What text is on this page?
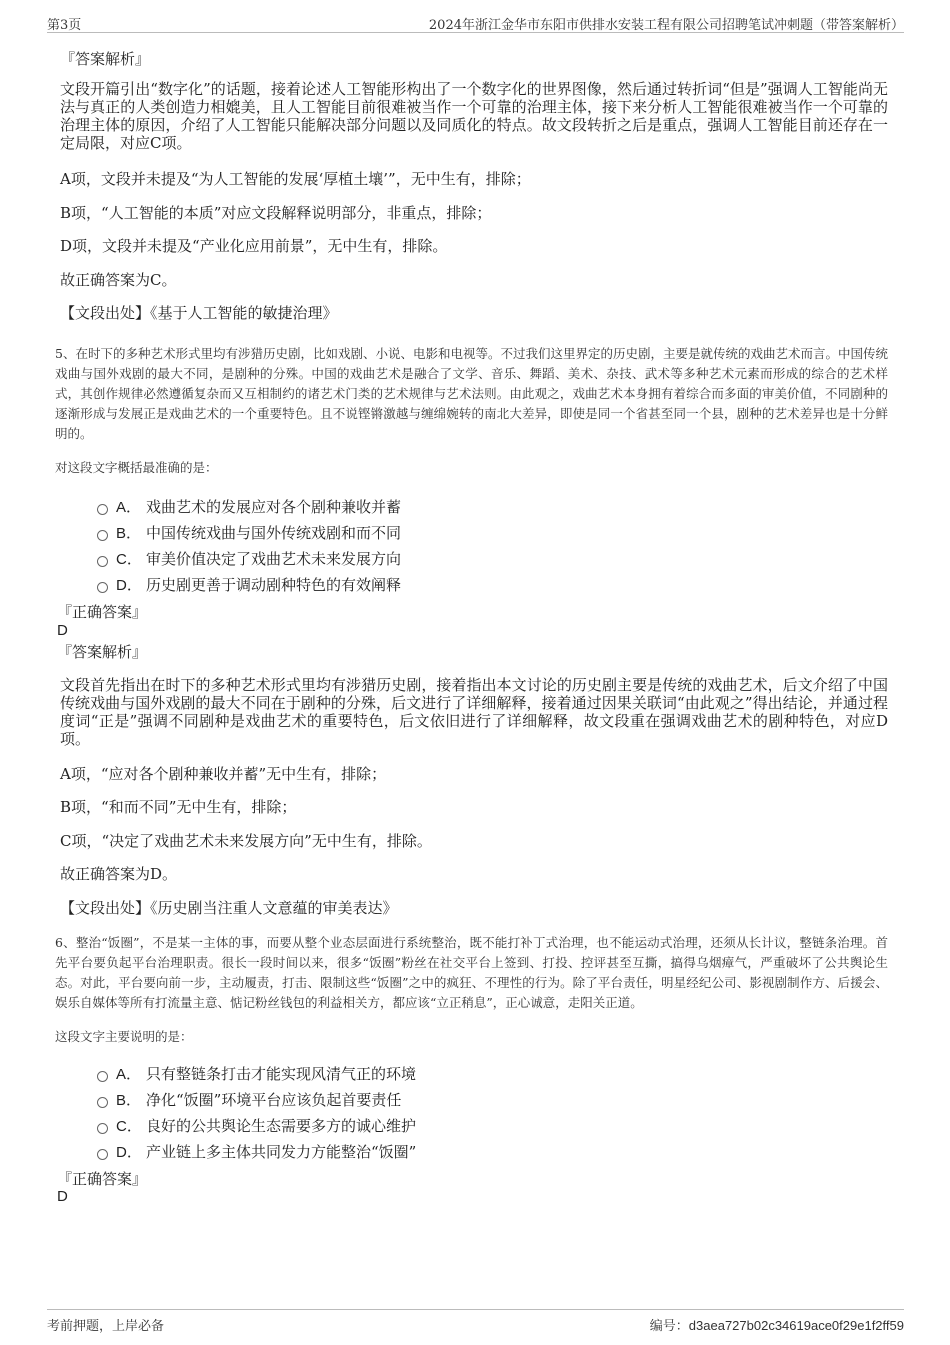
第3页	2024年浙江金华市东阳市供排水安装工程有限公司招聘笔试冲刺题（带答案解析）
『答案解析』
文段开篇引出“数字化”的话题，接着论述人工智能形构出了一个数字化的世界图像，然后通过转折词“但是”强调人工智能尚无法与真正的人类创造力相媲美，且人工智能目前很难被当作一个可靠的治理主体，接下来分析人工智能很难被当作一个可靠的治理主体的原因，介绍了人工智能只能解决部分问题以及同质化的特点。故文段转折之后是重点，强调人工智能目前还存在一定局限，对应C项。
A项，文段并未提及“为人工智能的发展‘厚植土壤’”，无中生有，排除；
B项，“人工智能的本质”对应文段解释说明部分，非重点，排除；
D项，文段并未提及“产业化应用前景”，无中生有，排除。
故正确答案为C。
【文段出处】《基于人工智能的敏捷治理》
5、在时下的多种艺术形式里均有涉猎历史剧，比如戏剧、小说、电影和电视等。不过我们这里界定的历史剧，主要是就传统的戏曲艺术而言。中国传统戏曲与国外戏剧的最大不同，是剧种的分殊。中国的戏曲艺术是融合了文学、音乐、舞蹈、美术、杂技、武术等多种艺术元素而形成的综合的艺术样式，其创作规律必然遵循复杂而又互相制约的诸艺术门类的艺术规律与艺术法则。由此观之，戏曲艺术本身拥有着综合而多面的审美价值，不同剧种的逐渐形成与发展正是戏曲艺术的一个重要特色。且不说铿锵激越与缠绵婉转的南北大差异，即使是同一个省甚至同一个县，剧种的艺术差异也是十分鲜明的。
对这段文字概括最准确的是：
A． 戏曲艺术的发展应对各个剧种兼收并蓄
B． 中国传统戏曲与国外传统戏剧和而不同
C． 审美价值决定了戏曲艺术未来发展方向
D． 历史剧更善于调动剧种特色的有效阐释
『正确答案』
D
『答案解析』
文段首先指出在时下的多种艺术形式里均有涉猎历史剧，接着指出本文讨论的历史剧主要是传统的戏曲艺术，后文介绍了中国传统戏曲与国外戏剧的最大不同在于剧种的分殊，后文进行了详细解释，接着通过因果关联词“由此观之”得出结论，并通过程度词“正是”强调不同剧种是戏曲艺术的重要特色，后文依旧进行了详细解释，故文段重在强调戏曲艺术的剧种特色，对应D项。
A项，“应对各个剧种兼收并蓄”无中生有，排除；
B项，“和而不同”无中生有，排除；
C项，“决定了戏曲艺术未来发展方向”无中生有，排除。
故正确答案为D。
【文段出处】《历史剧当注重人文意蕴的审美表达》
6、整治“饭圈”，不是某一主体的事，而要从整个业态层面进行系统整治，既不能打补丁式治理，也不能运动式治理，还须从长计议，整链条治理。首先平台要负起平台治理职责。很长一段时间以来，很多“饭圈”粉丝在社交平台上签到、打投、控评甚至互撕，搞得乌烟瘴气，严重破坏了公共舆论生态。对此，平台要向前一步，主动履责，打击、限制这些“饭圈”之中的疯狂、不理性的行为。除了平台责任，明星经纪公司、影视剧制作方、后援会、娱乐自媒体等所有打流量主意、惦记粉丝钱包的利益相关方，都应该“立正稍息”，正心诚意，走阳关正道。
这段文字主要说明的是：
A． 只有整链条打击才能实现风清气正的环境
B． 净化“饭圈”环境平台应该负起首要责任
C． 良好的公共舆论生态需要多方的诚心维护
D． 产业链上多主体共同发力方能整治“饭圈”
『正确答案』
D
考前押题，上岸必备	编号：d3aea727b02c34619ace0f29e1f2ff59
